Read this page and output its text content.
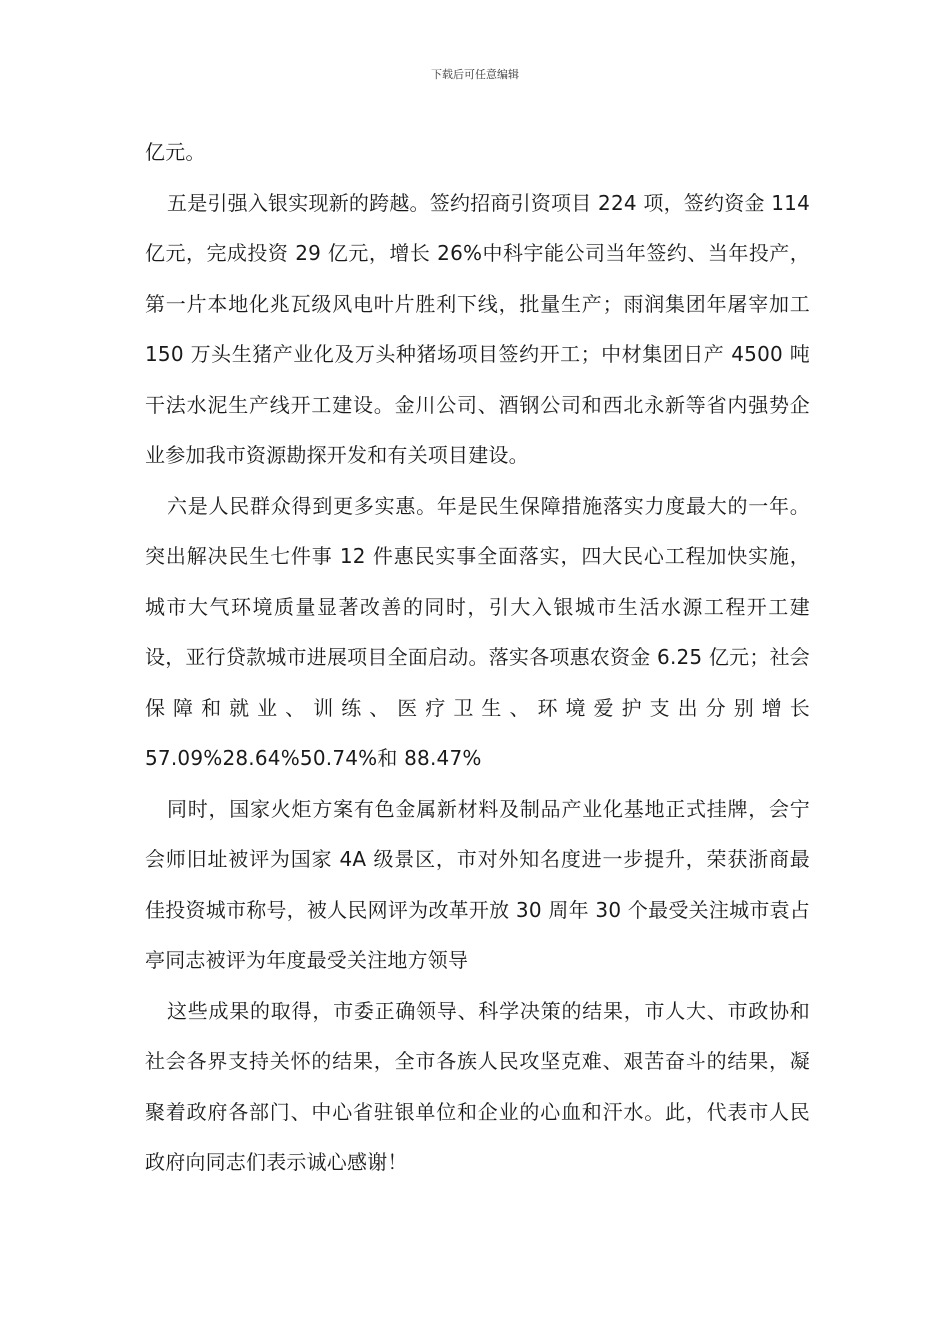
下载后可任意编辑

亿元。

五是引强入银实现新的跨越。签约招商引资项目 224 项，签约资金 114 亿元，完成投资 29 亿元，增长 26%中科宇能公司当年签约、当年投产，第一片本地化兆瓦级风电叶片胜利下线，批量生产；雨润集团年屠宰加工 150 万头生猪产业化及万头种猪场项目签约开工；中材集团日产 4500 吨干法水泥生产线开工建设。金川公司、酒钢公司和西北永新等省内强势企业参加我市资源勘探开发和有关项目建设。

六是人民群众得到更多实惠。年是民生保障措施落实力度最大的一年。突出解决民生七件事 12 件惠民实事全面落实，四大民心工程加快实施，城市大气环境质量显著改善的同时，引大入银城市生活水源工程开工建设，亚行贷款城市进展项目全面启动。落实各项惠农资金 6.25 亿元；社会保障和就业、训练、医疗卫生、环境爱护支出分别增长 57.09%28.64%50.74%和 88.47%

同时，国家火炬方案有色金属新材料及制品产业化基地正式挂牌，会宁会师旧址被评为国家 4A 级景区，市对外知名度进一步提升，荣获浙商最佳投资城市称号，被人民网评为改革开放 30 周年 30 个最受关注城市袁占亭同志被评为年度最受关注地方领导

这些成果的取得，市委正确领导、科学决策的结果，市人大、市政协和社会各界支持关怀的结果，全市各族人民攻坚克难、艰苦奋斗的结果，凝聚着政府各部门、中心省驻银单位和企业的心血和汗水。此，代表市人民政府向同志们表示诚心感谢！
